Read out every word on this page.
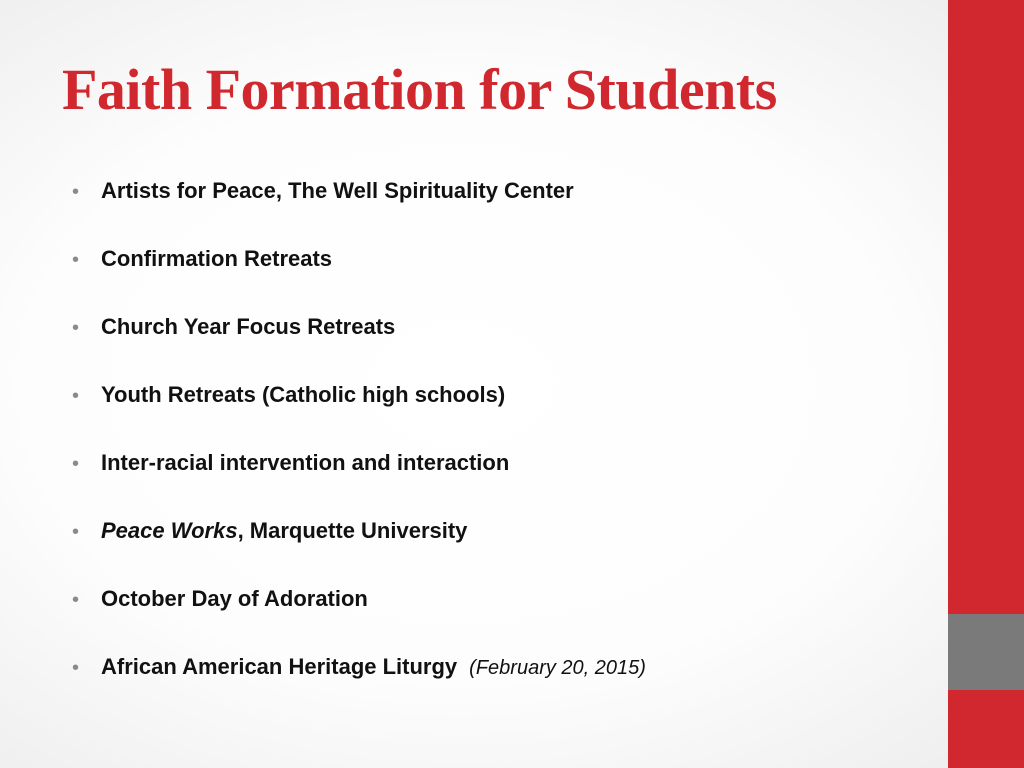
Faith Formation for Students
• Artists for Peace, The Well Spirituality Center
• Confirmation Retreats
• Church Year Focus Retreats
• Youth Retreats (Catholic high schools)
• Inter-racial intervention and interaction
• Peace Works, Marquette University
• October Day of Adoration
• African American Heritage Liturgy (February 20, 2015)
